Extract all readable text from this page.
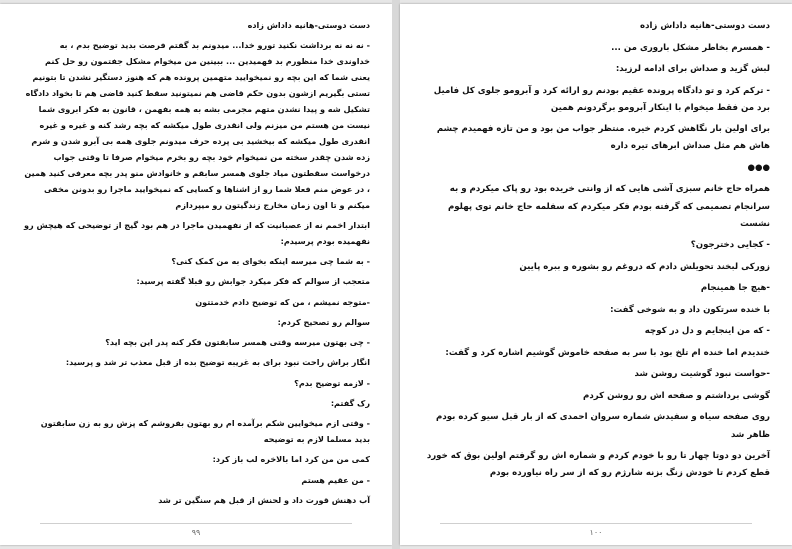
دست دوستی-هانیه داداش زاده

- نه نه نه برداشت نکنید تورو خدا... میدونم بد گفتم فرصت بدید توضیح بدم ، به خداوندی خدا منظورم بد فهمیدین ... ببینین من میخوام مشکل جفتمون رو حل کنم یعنی شما که این بچه رو نمیخوایید متهمین پرونده هم که هنوز دستگیر نشدن تا بتونیم تستی بگیریم ازشون بدون حکم قاضی هم نمیتونید سقط کنید قاضی هم تا بخواد دادگاه تشکیل شه و پیدا نشدن متهم مجرمی بشه به همه بفهمن ، قانون به فکر ابروی شما نیست من هستم من میزنم ولی انقدری طول میکشه که بچه رشد کنه و غیره و غیره انقدری طول میکشه که بیخشید بی پرده حرف میدونم جلوی همه بی آبرو شدن و شرم زده شدن چقدر سخته من نمیخوام خود بچه رو بخرم میخوام صرفا تا وقتی جواب درخواست سقطتون میاد جلوی همسر سابقم و خانوادش منو پدر بچه معرفی کنید همین ، در عوض منم فعلا شما رو از اشناها و کسایی که نمیخوایید ماجرا رو بدونن مخفی میکنم و تا اون زمان مخارج زندگیتون رو میپردازم

ابتدار اخمم نه از عصبانیت که از نفهمیدن ماجرا در هم بود گیج از توضیحی که هیچش رو نفهمیده بودم پرسیدم:

- به شما چی میرسه اینکه بخوای به من کمک کنی؟

متعجب از سوالم که فکر میکرد جوابش رو قبلا گفته پرسید:

-متوجه نمیشم ، من که توضیح دادم خدمتتون

سوالم رو تصحیح کردم:

- چی بهتون میرسه وقتی همسر سابقتون فکر کنه پدر این بچه اید؟

انگار براش راحت نبود برای به غریبه توضیح بده از قبل معذب تر شد و پرسید:

- لازمه توضیح بدم؟

رک گفتم:

- وقتی ازم میخوایین شکم برآمده ام رو بهتون بفروشم که پزش رو به زن سابقتون بدید مسلما لازم به توضیحه

کمی من من کرد اما بالاخره لب باز کرد:

- من عقیم هستم

آب دهنش قورت داد و لحنش از قبل هم سنگین تر شد

۹۹

دست دوستی-هانیه داداش زاده

- همسرم بخاطر مشکل باروری من ...

لبش گزید و صداش برای ادامه لرزید:

- ترکم کرد و تو دادگاه پرونده عقیم بودنم رو ارائه کرد و آبرومو جلوی کل فامیل برد من فقط میخوام با اینکار آبرومو برگردونم همین

برای اولین بار نگاهش کردم خیره. منتظر جواب من بود و من تازه فهمیدم چشم هاش هم مثل صداش ابرهای تیره داره

●●●

همراه حاج خانم سبزی آشی هایی که از وانتی خریده بود رو پاک میکردم و به سرانجام تصمیمی که گرفته بودم فکر میکردم که سفلمه حاج خانم توی پهلوم نشست

- کجایی دخترجون؟

زورکی لبخند تحویلش دادم که دروغم رو بشوره و ببره پایین

-هیچ جا همینجام

با خنده سرتکون داد و به شوخی گفت:

- که من اینجایم و دل در کوچه

خندیدم اما خنده ام تلخ بود با سر به صفحه خاموش گوشیم اشاره کرد و گفت:

-حواست نبود گوشیت روشن شد

گوشی برداشتم و صفحه اش رو روشن کردم

روی صفحه سیاه و سفیدش شماره سروان احمدی که از بار قبل سیو کرده بودم ظاهر شد

آخرین دو دوتا چهار تا رو با خودم کردم و شماره اش رو گرفتم اولین بوق که خورد قطع کردم تا خودش زنگ بزنه شارژم رو که از سر راه نیاورده بودم

۱۰۰
